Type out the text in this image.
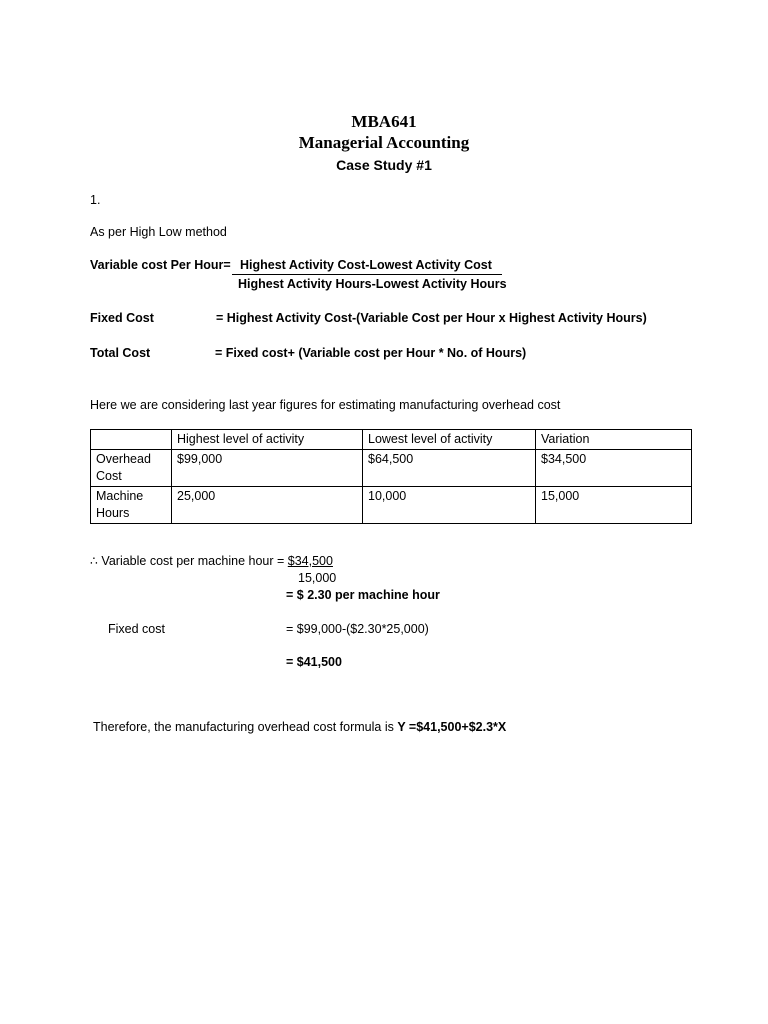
MBA641
Managerial Accounting
Case Study #1
1.
As per High Low method
Variable cost Per Hour= Highest Activity Cost-Lowest Activity Cost
Highest Activity Hours-Lowest Activity Hours
Fixed Cost	= Highest Activity Cost-(Variable Cost per Hour x Highest Activity Hours)
Total Cost	= Fixed cost+ (Variable cost per Hour * No. of Hours)
Here we are considering last year figures for estimating manufacturing overhead cost
	Highest level of activity	Lowest level of activity	Variation

Overhead
Cost	$99,000	$64,500	$34,500

Machine
Hours	25,000	10,000	15,000
∴ Variable cost per machine hour = $34,500
15,000
= $ 2.30 per machine hour
Fixed cost	= $99,000-($2.30*25,000)
= $41,500
Therefore, the manufacturing overhead cost formula is Y =$41,500+$2.3*X
